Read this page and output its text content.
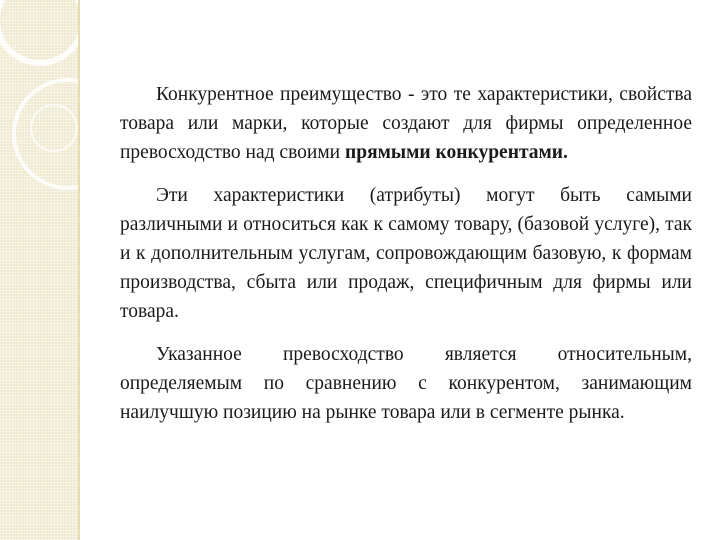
Конкурентное преимущество - это те характеристики, свойства товара или марки, которые создают для фирмы определенное превосходство над своими прямыми конкурентами.

Эти характеристики (атрибуты) могут быть самыми различными и относиться как к самому товару, (базовой услуге), так и к дополнительным услугам, сопровождающим базовую, к формам производства, сбыта или продаж, специфичным для фирмы или товара.

Указанное превосходство является относительным, определяемым по сравнению с конкурентом, занимающим наилучшую позицию на рынке товара или в сегменте рынка.
